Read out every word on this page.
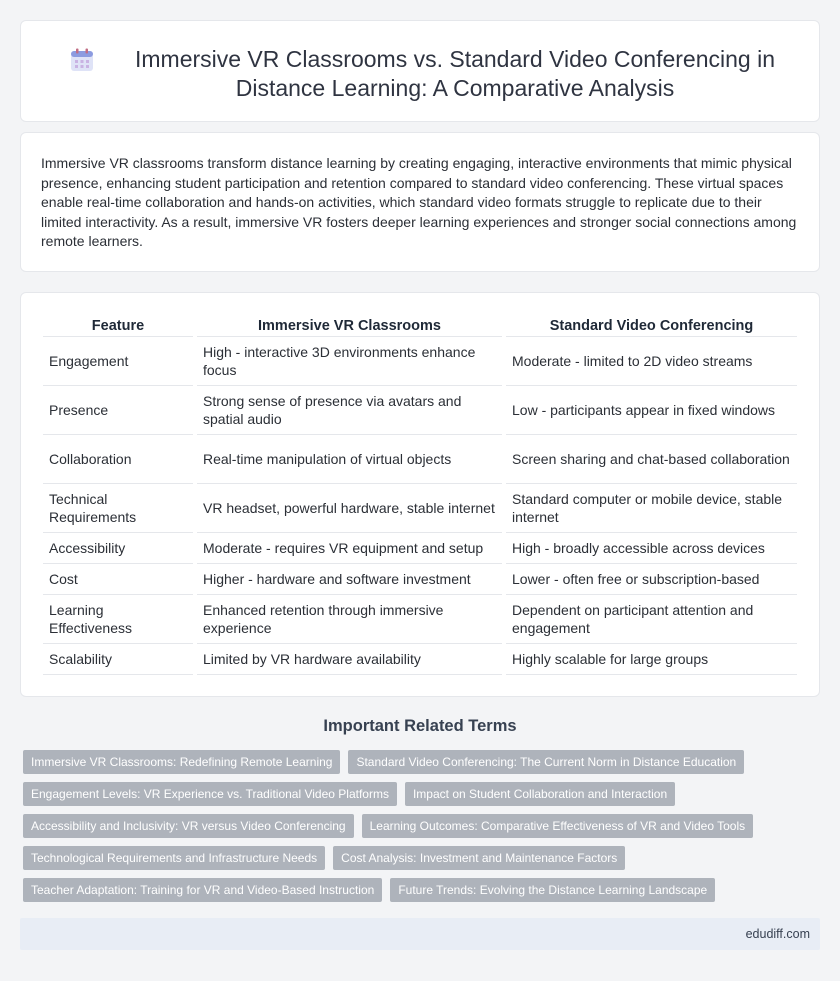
Immersive VR Classrooms vs. Standard Video Conferencing in Distance Learning: A Comparative Analysis

Immersive VR classrooms transform distance learning by creating engaging, interactive environments that mimic physical presence, enhancing student participation and retention compared to standard video conferencing. These virtual spaces enable real-time collaboration and hands-on activities, which standard video formats struggle to replicate due to their limited interactivity. As a result, immersive VR fosters deeper learning experiences and stronger social connections among remote learners.

Feature	Immersive VR Classrooms	Standard Video Conferencing
Engagement	High - interactive 3D environments enhance focus	Moderate - limited to 2D video streams
Presence	Strong sense of presence via avatars and spatial audio	Low - participants appear in fixed windows
Collaboration	Real-time manipulation of virtual objects	Screen sharing and chat-based collaboration
Technical Requirements	VR headset, powerful hardware, stable internet	Standard computer or mobile device, stable internet
Accessibility	Moderate - requires VR equipment and setup	High - broadly accessible across devices
Cost	Higher - hardware and software investment	Lower - often free or subscription-based
Learning Effectiveness	Enhanced retention through immersive experience	Dependent on participant attention and engagement
Scalability	Limited by VR hardware availability	Highly scalable for large groups
Important Related Terms
Immersive VR Classrooms: Redefining Remote Learning	Standard Video Conferencing: The Current Norm in Distance Education
Engagement Levels: VR Experience vs. Traditional Video Platforms	Impact on Student Collaboration and Interaction
Accessibility and Inclusivity: VR versus Video Conferencing	Learning Outcomes: Comparative Effectiveness of VR and Video Tools
Technological Requirements and Infrastructure Needs	Cost Analysis: Investment and Maintenance Factors
Teacher Adaptation: Training for VR and Video-Based Instruction	Future Trends: Evolving the Distance Learning Landscape
edudiff.com
